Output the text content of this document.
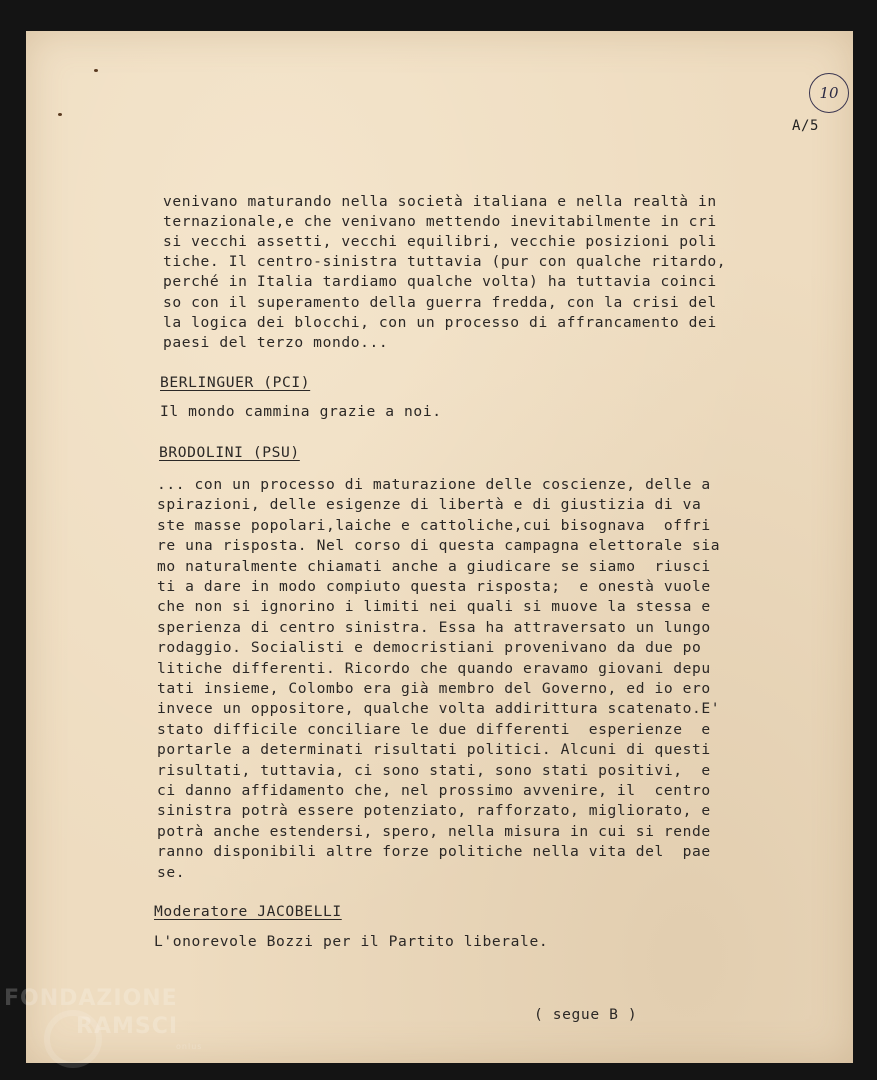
10
A/5
venivano maturando nella società italiana e nella realtà in
ternazionale,e che venivano mettendo inevitabilmente in cri
si vecchi assetti, vecchi equilibri, vecchie posizioni poli
tiche. Il centro-sinistra tuttavia (pur con qualche ritardo,
perché in Italia tardiamo qualche volta) ha tuttavia coinci
so con il superamento della guerra fredda, con la crisi del
la logica dei blocchi, con un processo di affrancamento dei
paesi del terzo mondo...
BERLINGUER (PCI)
Il mondo cammina grazie a noi.
BRODOLINI (PSU)
... con un processo di maturazione delle coscienze, delle a
spirazioni, delle esigenze di libertà e di giustizia di va
ste masse popolari,laiche e cattoliche,cui bisognava  offri
re una risposta. Nel corso di questa campagna elettorale sia
mo naturalmente chiamati anche a giudicare se siamo  riusci
ti a dare in modo compiuto questa risposta;  e onestà vuole
che non si ignorino i limiti nei quali si muove la stessa e
sperienza di centro sinistra. Essa ha attraversato un lungo
rodaggio. Socialisti e democristiani provenivano da due po
litiche differenti. Ricordo che quando eravamo giovani depu
tati insieme, Colombo era già membro del Governo, ed io ero
invece un oppositore, qualche volta addirittura scatenato.E'
stato difficile conciliare le due differenti  esperienze  e
portarle a determinati risultati politici. Alcuni di questi
risultati, tuttavia, ci sono stati, sono stati positivi,  e
ci danno affidamento che, nel prossimo avvenire, il  centro
sinistra potrà essere potenziato, rafforzato, migliorato, e
potrà anche estendersi, spero, nella misura in cui si rende
ranno disponibili altre forze politiche nella vita del  pae
se.
Moderatore JACOBELLI
L'onorevole Bozzi per il Partito liberale.
( segue B )
FONDAZIONE
RAMSCI
onlus
